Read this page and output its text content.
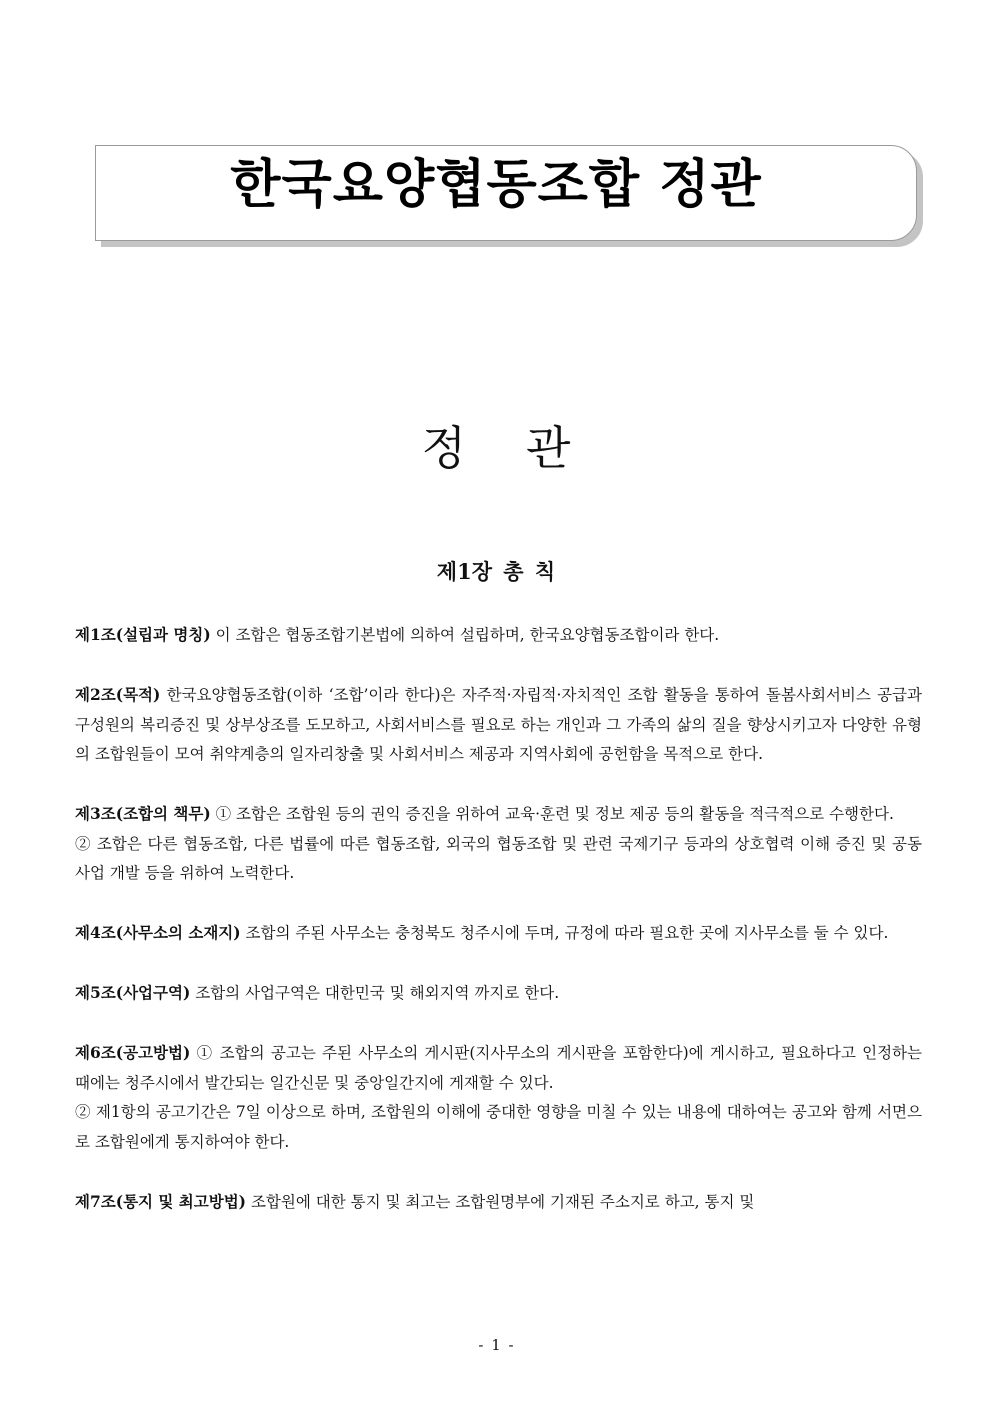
한국요양협동조합 정관
정관
제1장 총 칙

제1조(설립과 명칭) 이 조합은 협동조합기본법에 의하여 설립하며, 한국요양협동조합이라 한다.

제2조(목적) 한국요양협동조합(이하 ‘조합’이라 한다)은 자주적·자립적·자치적인 조합 활동을 통하여 돌봄사회서비스 공급과 구성원의 복리증진 및 상부상조를 도모하고, 사회서비스를 필요로 하는 개인과 그 가족의 삶의 질을 향상시키고자 다양한 유형의 조합원들이 모여 취약계층의 일자리창출 및 사회서비스 제공과 지역사회에 공헌함을 목적으로 한다.

제3조(조합의 책무) ① 조합은 조합원 등의 권익 증진을 위하여 교육·훈련 및 정보 제공 등의 활동을 적극적으로 수행한다.

② 조합은 다른 협동조합, 다른 법률에 따른 협동조합, 외국의 협동조합 및 관련 국제기구 등과의 상호협력 이해 증진 및 공동사업 개발 등을 위하여 노력한다.

제4조(사무소의 소재지) 조합의 주된 사무소는 충청북도 청주시에 두며, 규정에 따라 필요한 곳에 지사무소를 둘 수 있다.

제5조(사업구역) 조합의 사업구역은 대한민국 및 해외지역 까지로 한다.

제6조(공고방법) ① 조합의 공고는 주된 사무소의 게시판(지사무소의 게시판을 포함한다)에 게시하고, 필요하다고 인정하는 때에는 청주시에서 발간되는 일간신문 및 중앙일간지에 게재할 수 있다.

② 제1항의 공고기간은 7일 이상으로 하며, 조합원의 이해에 중대한 영향을 미칠 수 있는 내용에 대하여는 공고와 함께 서면으로 조합원에게 통지하여야 한다.

제7조(통지 및 최고방법) 조합원에 대한 통지 및 최고는 조합원명부에 기재된 주소지로 하고, 통지 및

- 1 -
